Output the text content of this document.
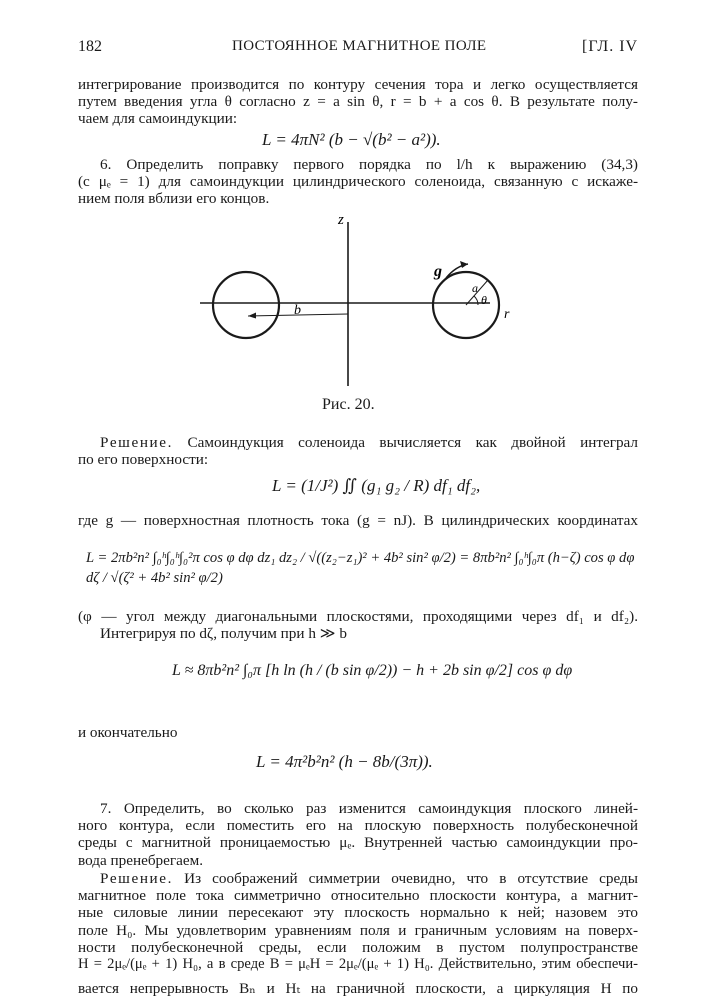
182	ПОСТОЯННОЕ МАГНИТНОЕ ПОЛЕ	[ГЛ. IV
интегрирование производится по контуру сечения тора и легко осуществляется
путем введения угла θ согласно z = a sin θ, r = b + a cos θ. В результате полу-
чаем для самоиндукции:
L = 4πN² (b − √(b² − a²)).
6. Определить поправку первого порядка по l/h к выражению (34,3)
(с μₑ = 1) для самоиндукции цилиндрического соленоида, связанную с искаже-
нием поля вблизи его концов.
z
b
g
a
θ
r
Рис. 20.
Решение. Самоиндукция соленоида вычисляется как двойной интеграл
по его поверхности:
L = (1/J²) ∬ (g₁ g₂ / R) df₁ df₂,
где g — поверхностная плотность тока (g = nJ). В цилиндрических координатах
L = 2πb²n² ∫₀ʰ∫₀ʰ∫₀²π cos φ dφ dz₁ dz₂ / √((z₂−z₁)² + 4b² sin² φ/2) = 8πb²n² ∫₀ʰ∫₀π (h−ζ) cos φ dφ dζ / √(ζ² + 4b² sin² φ/2)
(φ — угол между диагональными плоскостями, проходящими через df₁ и df₂).
Интегрируя по dζ, получим при h ≫ b
L ≈ 8πb²n² ∫₀π [h ln (h / (b sin φ/2)) − h + 2b sin φ/2] cos φ dφ
и окончательно
L = 4π²b²n² (h − 8b/(3π)).
7. Определить, во сколько раз изменится самоиндукция плоского линей-
ного контура, если поместить его на плоскую поверхность полубесконечной
среды с магнитной проницаемостью μₑ. Внутренней частью самоиндукции про-
вода пренебрегаем.
Решение. Из соображений симметрии очевидно, что в отсутствие среды
магнитное поле тока симметрично относительно плоскости контура, а магнит-
ные силовые линии пересекают эту плоскость нормально к ней; назовем это
поле H₀. Мы удовлетворим уравнениям поля и граничным условиям на поверх-
ности полубесконечной среды, если положим в пустом полупространстве
H = 2μₑ/(μₑ + 1) H₀, а в среде B = μₑH = 2μₑ/(μₑ + 1) H₀. Действительно, этим обеспечи-
вается непрерывность Bₙ и Hₜ на граничной плоскости, а циркуляция H по
